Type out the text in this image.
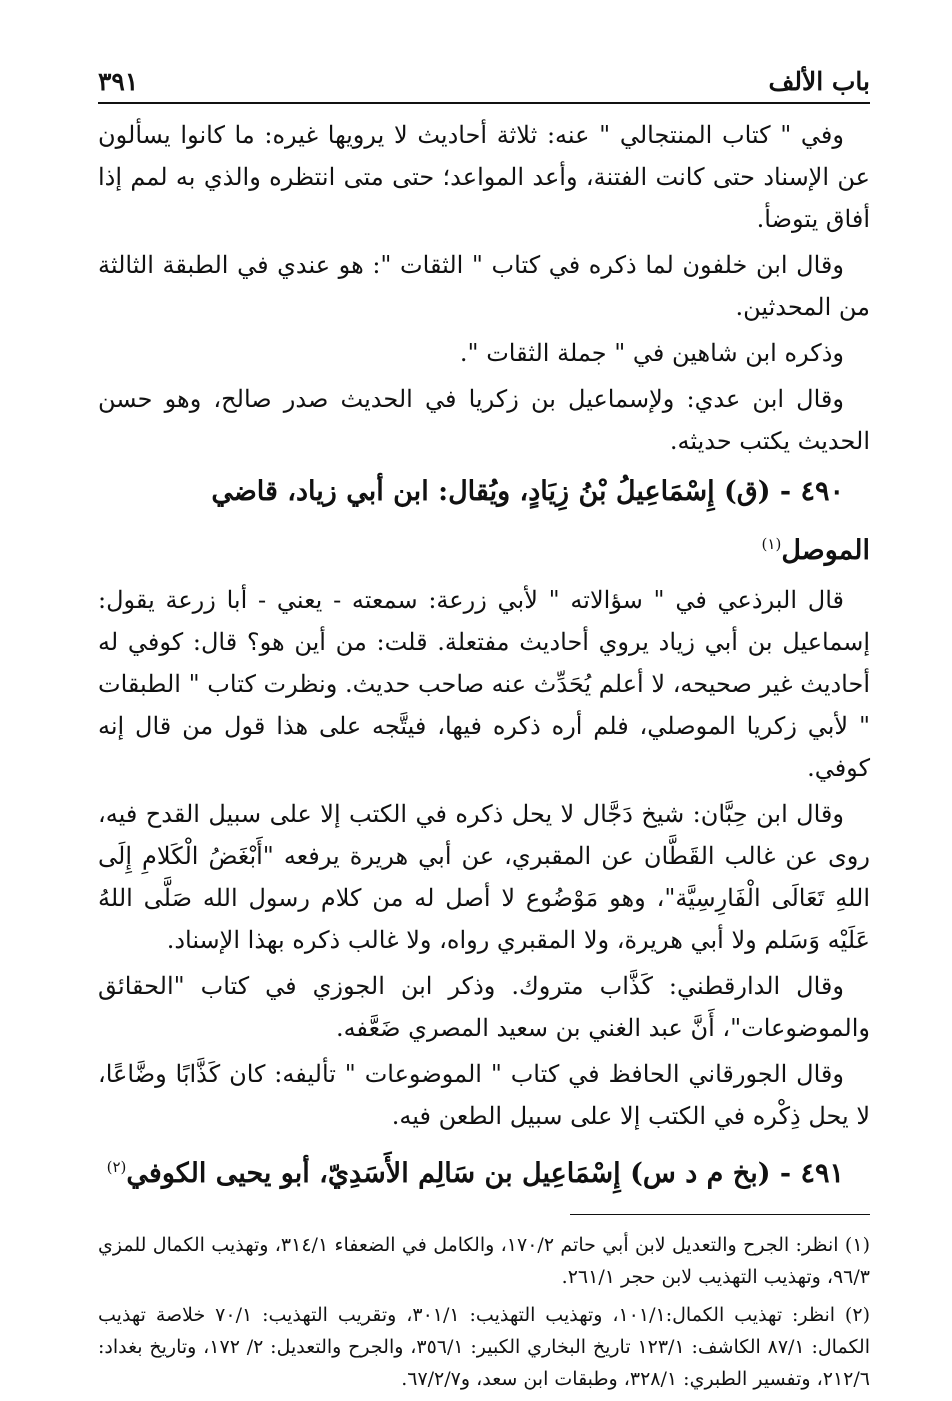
باب الألف
٣٩١

وفي " كتاب المنتجالي " عنه: ثلاثة أحاديث لا يرويها غيره: ما كانوا يسألون عن الإسناد حتى كانت الفتنة، وأعد المواعد؛ حتى متى انتظره والذي به لمم إذا أفاق يتوضأ.

وقال ابن خلفون لما ذكره في كتاب " الثقات ": هو عندي في الطبقة الثالثة من المحدثين.

وذكره ابن شاهين في " جملة الثقات ".

وقال ابن عدي: ولإسماعيل بن زكريا في الحديث صدر صالح، وهو حسن الحديث يكتب حديثه.

٤٩٠ - (ق) إِسْمَاعِيلُ بْنُ زِيَادٍ، ويُقال: ابن أبي زياد، قاضي الموصل$^{(١)}$

قال البرذعي في " سؤالاته " لأبي زرعة: سمعته - يعني - أبا زرعة يقول: إسماعيل بن أبي زياد يروي أحاديث مفتعلة. قلت: من أين هو؟ قال: كوفي له أحاديث غير صحيحه، لا أعلم يُحَدِّث عنه صاحب حديث. ونظرت كتاب " الطبقات " لأبي زكريا الموصلي، فلم أره ذكره فيها، فيتَّجه على هذا قول من قال إنه كوفي.

وقال ابن حِبَّان: شيخ دَجَّال لا يحل ذكره في الكتب إلا على سبيل القدح فيه، روى عن غالب القَطَّان عن المقبري، عن أبي هريرة يرفعه "أَبْغَضُ الْكَلامِ إِلَى اللهِ تَعَالَى الْفَارِسِيَّة"، وهو مَوْضُوع لا أصل له من كلام رسول الله صَلَّى اللهُ عَلَيْه وَسَلم ولا أبي هريرة، ولا المقبري رواه، ولا غالب ذكره بهذا الإسناد.

وقال الدارقطني: كَذَّاب متروك. وذكر ابن الجوزي في كتاب "الحقائق والموضوعات"، أَنَّ عبد الغني بن سعيد المصري ضَعَّفه.

وقال الجورقاني الحافظ في كتاب " الموضوعات " تأليفه: كان كَذَّابًا وضَّاعًا، لا يحل ذِكْره في الكتب إلا على سبيل الطعن فيه.

٤٩١ - (بخ م د س) إِسْمَاعِيل بن سَالِم الأَسَدِيّ، أبو يحيى الكوفي$^{(٢)}$

(١) انظر: الجرح والتعديل لابن أبي حاتم ١٧٠/٢، والكامل في الضعفاء ٣١٤/١، وتهذيب الكمال للمزي ٩٦/٣، وتهذيب التهذيب لابن حجر ٢٦١/١.

(٢) انظر: تهذيب الكمال:١٠١/١، وتهذيب التهذيب: ٣٠١/١، وتقريب التهذيب: ٧٠/١ خلاصة تهذيب الكمال: ٨٧/١ الكاشف: ١٢٣/١ تاريخ البخاري الكبير: ٣٥٦/١، والجرح والتعديل: ٢/ ١٧٢، وتاريخ بغداد: ٢١٢/٦، وتفسير الطبري: ٣٢٨/١، وطبقات ابن سعد، و٦٧/٢/٧.
